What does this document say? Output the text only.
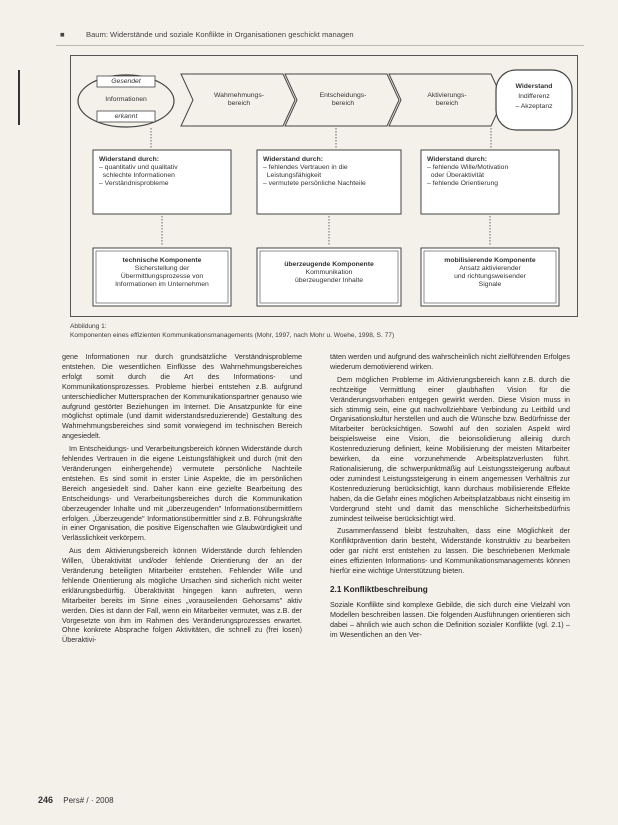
■	Baum: Widerstände und soziale Konflikte in Organisationen geschickt managen
Gesendet
Informationen
erkannt
Wahrnehmungs-
bereich
Entscheidungs-
bereich
Aktivierungs-
bereich
Widerstand
Indifferenz
– Akzeptanz
Widerstand durch:
– quantitativ und qualitativ
schlechte Informationen
– Verständnisprobleme
Widerstand durch:
– fehlendes Vertrauen in die
Leistungsfähigkeit
– vermutete persönliche Nachteile
Widerstand durch:
– fehlende Wille/Motivation
oder Überaktivität
– fehlende Orientierung
technische Komponente
Sicherstellung der
Übermittlungsprozesse von
Informationen im Unternehmen
überzeugende Komponente
Kommunikation
überzeugender Inhalte
mobilisierende Komponente
Ansatz aktivierender
und richtungsweisender
Signale
Abbildung 1:
Komponenten eines effizienten Kommunikationsmanagements (Mohr, 1997, nach Mohr u. Woehe, 1998, S. 77)

gene Informationen nur durch grundsätzliche Verständnisprobleme entstehen. Die wesentlichen Einflüsse des Wahrnehmungsbereiches erfolgt somit durch die Art des Informations- und Kommunikationsprozesses. Probleme hierbei entstehen z.B. aufgrund unterschiedlicher Muttersprachen der Kommunikationspartner genauso wie aufgrund gestörter Beziehungen im Internet. Die Ansatzpunkte für eine möglichst optimale (und damit widerstandsreduzierende) Gestaltung des Wahrnehmungsbereiches sind somit vorwiegend im technischen Bereich angesiedelt.

Im Entscheidungs- und Verarbeitungsbereich können Widerstände durch fehlendes Vertrauen in die eigene Leistungsfähigkeit und durch (mit den Veränderungen einhergehende) vermutete persönliche Nachteile entstehen. Es sind somit in erster Linie Aspekte, die im persönlichen Bereich angesiedelt sind. Daher kann eine gezielte Bearbeitung des Entscheidungs- und Verarbeitungsbereiches durch die Kommunikation überzeugender Inhalte und mit „überzeugenden" Informationsübermittlern erfolgen. „Überzeugende" Informationsübermittler sind z.B. Führungskräfte in einer Organisation, die positive Eigenschaften wie Glaubwürdigkeit und Verlässlichkeit verkörpern.

Aus dem Aktivierungsbereich können Widerstände durch fehlenden Willen, Überaktivität und/oder fehlende Orientierung der an der Veränderung beteiligten Mitarbeiter entstehen. Fehlender Wille und fehlende Orientierung als mögliche Ursachen sind sicherlich nicht weiter erklärungsbedürftig. Überaktivität hingegen kann auftreten, wenn Mitarbeiter bereits im Sinne eines „vorauseilenden Gehorsams" aktiv werden. Dies ist dann der Fall, wenn ein Mitarbeiter vermutet, was z.B. der Vorgesetzte von ihm im Rahmen des Veränderungsprozesses erwartet. Ohne konkrete Absprache folgen Aktivitäten, die schnell zu (frei losen) Überaktivi-

täten werden und aufgrund des wahrscheinlich nicht zielführenden Erfolges wiederum demotivierend wirken.

Dem möglichen Probleme im Aktivierungsbereich kann z.B. durch die rechtzeitige Vermittlung einer glaubhaften Vision für die Veränderungsvorhaben entgegen gewirkt werden. Diese Vision muss in sich stimmig sein, eine gut nachvollziehbare Verbindung zu Leitbild und Organisationskultur herstellen und auch die Wünsche bzw. Bedürfnisse der Mitarbeiter berücksichtigen. Sowohl auf den sozialen Aspekt wird beispielsweise eine Vision, die beionsolidierung alleinig durch Kostenreduzierung definiert, keine Mobilisierung der meisten Mitarbeiter bewirken, da eine vorzunehmende Arbeitsplatzverlusten führt. Rationalisierung, die schwerpunktmäßig auf Leistungssteigerung aufbaut oder zumindest Leistungssteigerung in einem angemessen Verhältnis zur Kostenreduzierung berücksichtigt, kann durchaus mobilisierende Effekte haben, da die Gefahr eines möglichen Arbeitsplatzabbaus nicht einseitig im Vordergrund steht und damit das menschliche Sicherheitsbedürfnis zumindest teilweise berücksichtigt wird.

Zusammenfassend bleibt festzuhalten, dass eine Möglichkeit der Konfliktprävention darin besteht, Widerstände konstruktiv zu bearbeiten oder gar nicht erst entstehen zu lassen. Die beschriebenen Merkmale eines effizienten Informations- und Kommunikationsmanagements können hierfür eine wichtige Unterstützung bieten.

2.1 Konfliktbeschreibung

Soziale Konflikte sind komplexe Gebilde, die sich durch eine Vielzahl von Modellen beschreiben lassen. Die folgenden Ausführungen orientieren sich dabei – ähnlich wie auch schon die Definition sozialer Konflikte (vgl. 2.1) – im Wesentlichen an den Ver-

246 Pers# / · 2008
